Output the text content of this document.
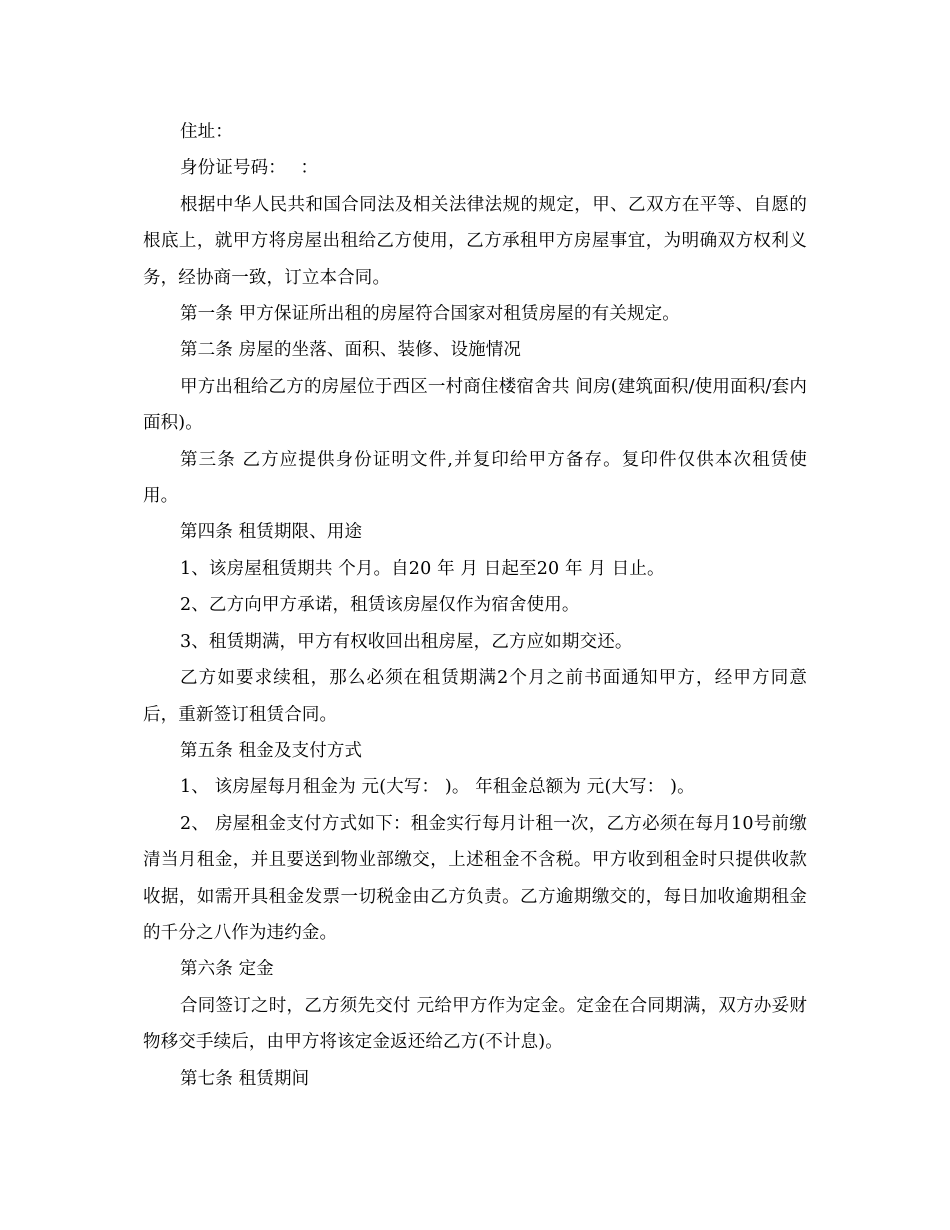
住址：

身份证号码：　 ：

根据中华人民共和国合同法及相关法律法规的规定，甲、乙双方在平等、自愿的根底上，就甲方将房屋出租给乙方使用，乙方承租甲方房屋事宜，为明确双方权利义务，经协商一致，订立本合同。

第一条 甲方保证所出租的房屋符合国家对租赁房屋的有关规定。

第二条 房屋的坐落、面积、装修、设施情况

甲方出租给乙方的房屋位于西区一村商住楼宿舍共 间房(建筑面积/使用面积/套内面积)。

第三条 乙方应提供身份证明文件,并复印给甲方备存。复印件仅供本次租赁使用。

第四条 租赁期限、用途

1、该房屋租赁期共 个月。自20 年 月 日起至20 年 月 日止。

2、乙方向甲方承诺，租赁该房屋仅作为宿舍使用。

3、租赁期满，甲方有权收回出租房屋，乙方应如期交还。

乙方如要求续租，那么必须在租赁期满2个月之前书面通知甲方，经甲方同意后，重新签订租赁合同。

第五条 租金及支付方式

1、 该房屋每月租金为 元(大写： )。 年租金总额为 元(大写： )。

2、 房屋租金支付方式如下：租金实行每月计租一次，乙方必须在每月10号前缴清当月租金，并且要送到物业部缴交，上述租金不含税。甲方收到租金时只提供收款收据，如需开具租金发票一切税金由乙方负责。乙方逾期缴交的，每日加收逾期租金的千分之八作为违约金。

第六条 定金

合同签订之时，乙方须先交付 元给甲方作为定金。定金在合同期满，双方办妥财物移交手续后，由甲方将该定金返还给乙方(不计息)。

第七条 租赁期间
